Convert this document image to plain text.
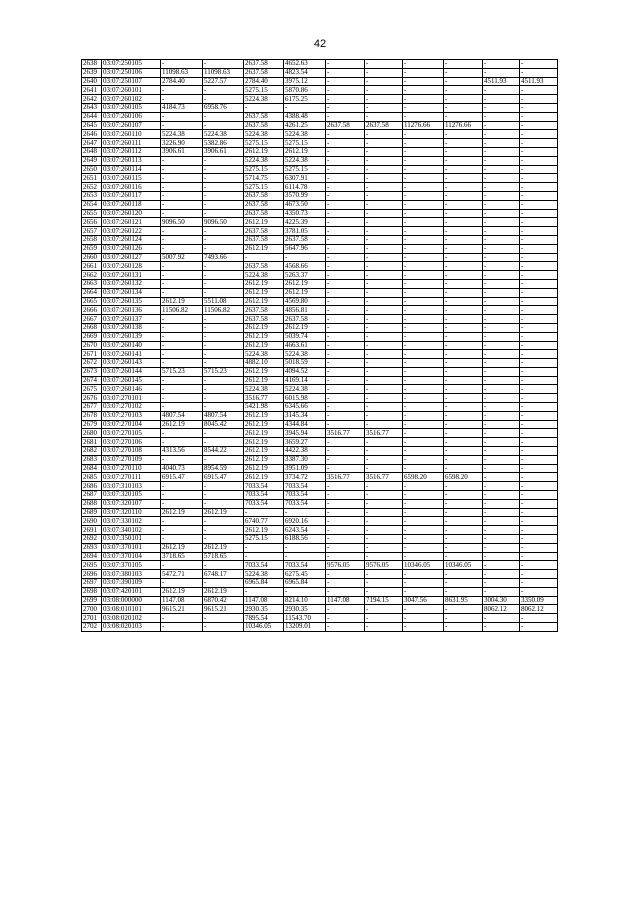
42
2638	03:07:250105	-	-	2637.58	4652.63	-	-	-	-	-	-
2639	03:07:250106	11098.63	11098.63	2637.58	4823.54	-	-	-	-	-	-
2640	03:07:250107	2784.40	5227.57	2784.40	3975.12	-	-	-	-	4511.93	4511.93
2641	03:07:260101	-	-	5275.15	5870.86	-	-	-	-	-	-
2642	03:07:260102	-	-	5224.38	6175.25	-	-	-	-	-	-
2643	03:07:260105	4184.73	6958.76	-	-	-	-	-	-	-	-
2644	03:07:260106	-	-	2637.58	4388.48	-	-	-	-	-	-
2645	03:07:260107	-	-	2637.58	4261.25	2637.58	2637.58	11276.66	11276.66	-	-
2646	03:07:260110	5224.38	5224.38	5224.38	5224.38	-	-	-	-	-	-
2647	03:07:260111	3226.90	5382.86	5275.15	5275.15	-	-	-	-	-	-
2648	03:07:260112	3906.61	3906.61	2612.19	2612.19	-	-	-	-	-	-
2649	03:07:260113	-	-	5224.38	5224.38	-	-	-	-	-	-
2650	03:07:260114	-	-	5275.15	5275.15	-	-	-	-	-	-
2651	03:07:260115	-	-	5714.75	6307.91	-	-	-	-	-	-
2652	03:07:260116	-	-	5275.15	6114.78	-	-	-	-	-	-
2653	03:07:260117	-	-	2637.58	3570.99	-	-	-	-	-	-
2654	03:07:260118	-	-	2637.58	4673.50	-	-	-	-	-	-
2655	03:07:260120	-	-	2637.58	4350.73	-	-	-	-	-	-
2656	03:07:260121	9096.50	9096.50	2612.19	4225.39	-	-	-	-	-	-
2657	03:07:260122	-	-	2637.58	3781.05	-	-	-	-	-	-
2658	03:07:260124	-	-	2637.58	2637.58	-	-	-	-	-	-
2659	03:07:260126	-	-	2612.19	5647.96	-	-	-	-	-	-
2660	03:07:260127	5007.92	7493.66	-	-	-	-	-	-	-	-
2661	03:07:260128	-	-	2637.58	4568.66	-	-	-	-	-	-
2662	03:07:260131	-	-	5224.38	5263.37	-	-	-	-	-	-
2663	03:07:260132	-	-	2612.19	2612.19	-	-	-	-	-	-
2664	03:07:260134	-	-	2612.19	2612.19	-	-	-	-	-	-
2665	03:07:260135	2612.19	5511.08	2612.19	4569.80	-	-	-	-	-	-
2666	03:07:260136	11506.82	11506.82	2637.58	4856.81	-	-	-	-	-	-
2667	03:07:260137	-	-	2637.58	2637.58	-	-	-	-	-	-
2668	03:07:260138	-	-	2612.19	2612.19	-	-	-	-	-	-
2669	03:07:260139	-	-	2612.19	5039.74	-	-	-	-	-	-
2670	03:07:260140	-	-	2612.19	4663.61	-	-	-	-	-	-
2671	03:07:260141	-	-	5224.38	5224.38	-	-	-	-	-	-
2672	03:07:260143	-	-	4882.10	5018.59	-	-	-	-	-	-
2673	03:07:260144	5715.23	5715.23	2612.19	4094.52	-	-	-	-	-	-
2674	03:07:260145	-	-	2612.19	4169.14	-	-	-	-	-	-
2675	03:07:260146	-	-	5224.38	5224.38	-	-	-	-	-	-
2676	03:07:270101	-	-	3516.77	6015.98	-	-	-	-	-	-
2677	03:07:270102	-	-	5421.98	6345.66	-	-	-	-	-	-
2678	03:07:270103	4807.54	4807.54	2612.19	3145.34	-	-	-	-	-	-
2679	03:07:270104	2612.19	8045.42	2612.19	4344.84	-	-	-	-	-	-
2680	03:07:270105	-	-	2612.19	3945.94	3516.77	3516.77	-	-	-	-
2681	03:07:270106	-	-	2612.19	3659.27	-	-	-	-	-	-
2682	03:07:270108	4313.56	8544.22	2612.19	4422.38	-	-	-	-	-	-
2683	03:07:270109	-	-	2612.19	3387.30	-	-	-	-	-	-
2684	03:07:270110	4040.73	8954.59	2612.19	3951.09	-	-	-	-	-	-
2685	03:07:270111	6915.47	6915.47	2612.19	3734.72	3516.77	3516.77	6598.20	6598.20	-	-
2686	03:07:310103	-	-	7033.54	7033.54	-	-	-	-	-	-
2687	03:07:320105	-	-	7033.54	7033.54	-	-	-	-	-	-
2688	03:07:320107	-	-	7033.54	7033.54	-	-	-	-	-	-
2689	03:07:320110	2612.19	2612.19	-	-	-	-	-	-	-	-
2690	03:07:330102	-	-	6740.77	6920.16	-	-	-	-	-	-
2691	03:07:340102	-	-	2612.19	6243.54	-	-	-	-	-	-
2692	03:07:350101	-	-	5275.15	6188.56	-	-	-	-	-	-
2693	03:07:370101	2612.19	2612.19	-	-	-	-	-	-	-	-
2694	03:07:370104	3718.65	5718.65	-	-	-	-	-	-	-	-
2695	03:07:370105	-	-	7033.54	7033.54	9576.05	9576.05	10346.05	10346.05	-	-
2696	03:07:380103	5472.71	6748.17	5224.38	6275.45	-	-	-	-	-	-
2697	03:07:390109	-	-	6965.84	6965.84	-	-	-	-	-	-
2698	03:07:420101	2612.19	2612.19	-	-	-	-	-	-	-	-
2699	03:08:000000	1147.08	6870.42	1147.08	8214.10	1147.08	7194.15	3047.56	8631.95	3004.30	3350.09
2700	03:08:010101	9615.21	9615.21	2930.35	2930.35	-	-	-	-	8062.12	8062.12
2701	03:08:020102	-	-	7895.54	11543.70	-	-	-	-	-	-
2702	03:08:020103	-	-	10346.05	13209.01	-	-	-	-	-	-
